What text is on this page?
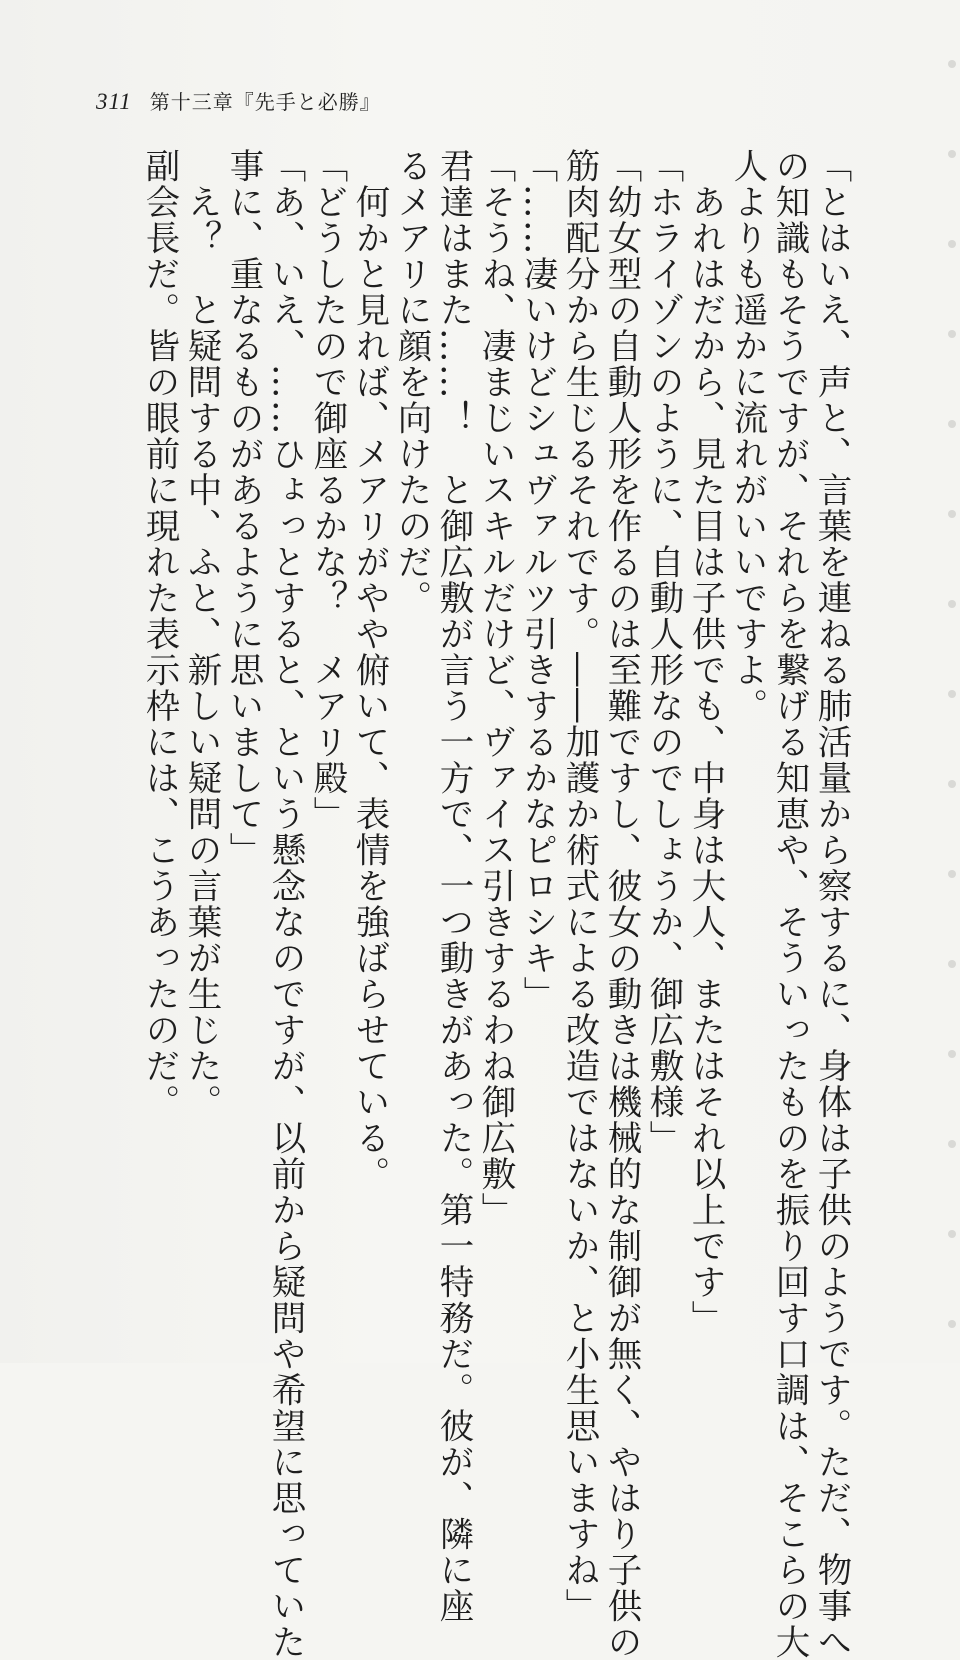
311 第十三章『先手と必勝』
「とはいえ、声と、言葉を連ねる肺活量から察するに、身体は子供のようです。ただ、物事へ
の知識もそうですが、それらを繋げる知恵や、そういったものを振り回す口調は、そこらの大
人よりも遥かに流れがいいですよ。
あれはだから、見た目は子供でも、中身は大人、またはそれ以上です」
「ホライゾンのように、自動人形なのでしょうか、御広敷様」
「幼女型の自動人形を作るのは至難ですし、彼女の動きは機械的な制御が無く、やはり子供の
筋肉配分から生じるそれです。――加護か術式による改造ではないか、と小生思いますね」
「……凄いけどシュヴァルツ引きするかなピロシキ」
「そうね、凄まじいスキルだけど、ヴァイス引きするわね御広敷」
君達はまた……！　と御広敷が言う一方で、一つ動きがあった。第一特務だ。彼が、隣に座
るメアリに顔を向けたのだ。
何かと見れば、メアリがやや俯いて、表情を強ばらせている。
「どうしたので御座るかな？　メアリ殿」
「あ、いえ、……ひょっとすると、という懸念なのですが、以前から疑問や希望に思っていた
事に、重なるものがあるように思いまして」
え？　と疑問する中、ふと、新しい疑問の言葉が生じた。
副会長だ。皆の眼前に現れた表示枠には、こうあったのだ。
